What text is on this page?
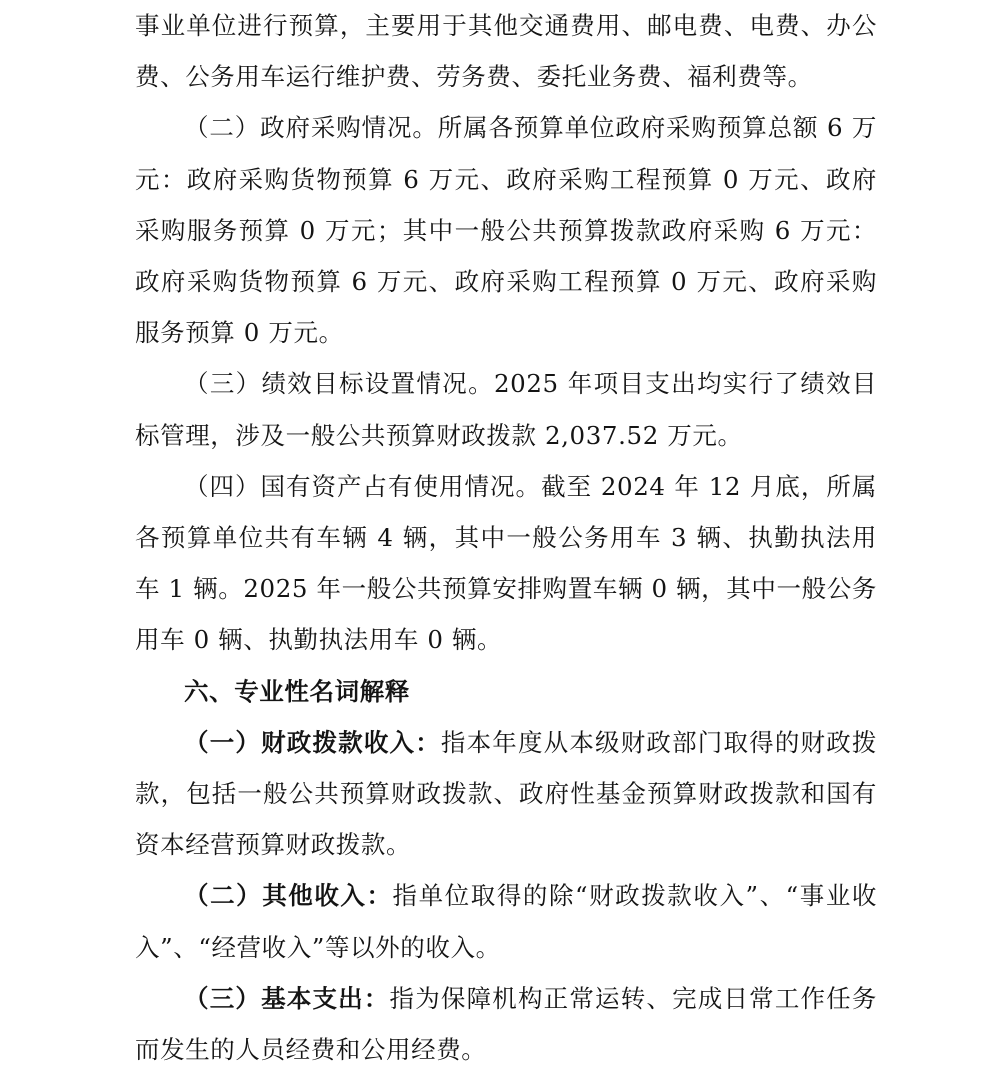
事业单位进行预算，主要用于其他交通费用、邮电费、电费、办公费、公务用车运行维护费、劳务费、委托业务费、福利费等。

（二）政府采购情况。所属各预算单位政府采购预算总额 6 万元：政府采购货物预算 6 万元、政府采购工程预算 0 万元、政府采购服务预算 0 万元；其中一般公共预算拨款政府采购 6 万元：政府采购货物预算 6 万元、政府采购工程预算 0 万元、政府采购服务预算 0 万元。

（三）绩效目标设置情况。2025 年项目支出均实行了绩效目标管理，涉及一般公共预算财政拨款 2,037.52 万元。

（四）国有资产占有使用情况。截至 2024 年 12 月底，所属各预算单位共有车辆 4 辆，其中一般公务用车 3 辆、执勤执法用车 1 辆。2025 年一般公共预算安排购置车辆 0 辆，其中一般公务用车 0 辆、执勤执法用车 0 辆。

六、专业性名词解释

（一）财政拨款收入：指本年度从本级财政部门取得的财政拨款，包括一般公共预算财政拨款、政府性基金预算财政拨款和国有资本经营预算财政拨款。

（二）其他收入：指单位取得的除“财政拨款收入”、“事业收入”、“经营收入”等以外的收入。

（三）基本支出：指为保障机构正常运转、完成日常工作任务而发生的人员经费和公用经费。
